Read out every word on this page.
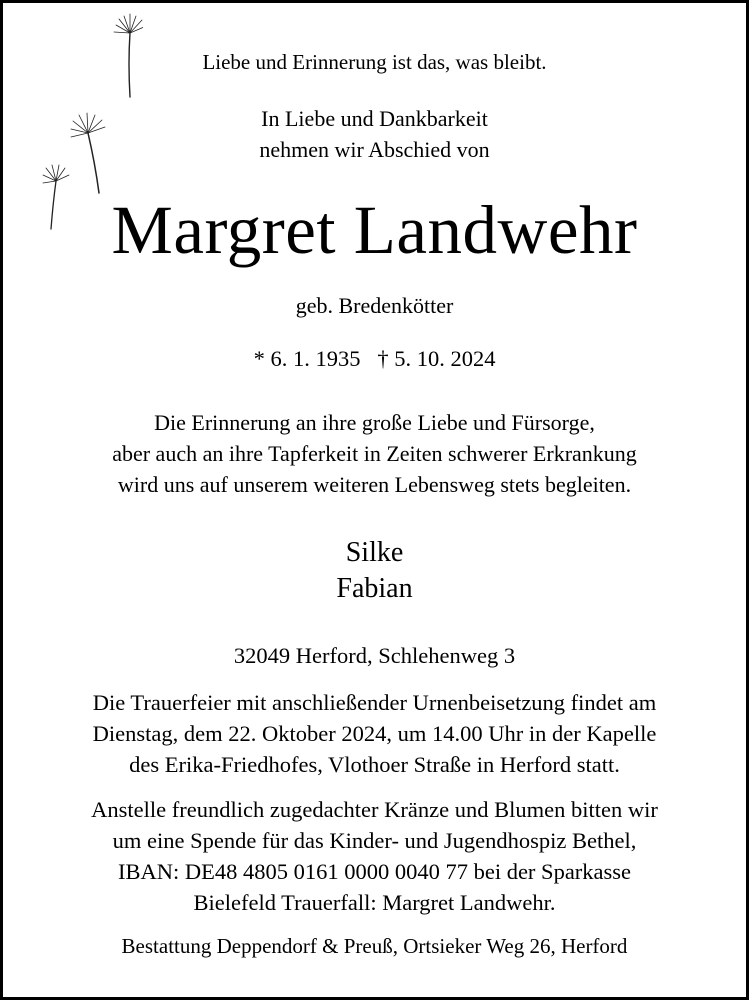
Liebe und Erinnerung ist das, was bleibt.
In Liebe und Dankbarkeit
nehmen wir Abschied von
Margret Landwehr
geb. Bredenkötter
* 6. 1. 1935   † 5. 10. 2024
Die Erinnerung an ihre große Liebe und Fürsorge,
aber auch an ihre Tapferkeit in Zeiten schwerer Erkrankung
wird uns auf unserem weiteren Lebensweg stets begleiten.
Silke
Fabian
32049 Herford, Schlehenweg 3
Die Trauerfeier mit anschließender Urnenbeisetzung findet am
Dienstag, dem 22. Oktober 2024, um 14.00 Uhr in der Kapelle
des Erika-Friedhofes, Vlothoer Straße in Herford statt.
Anstelle freundlich zugedachter Kränze und Blumen bitten wir
um eine Spende für das Kinder- und Jugendhospiz Bethel,
IBAN: DE48 4805 0161 0000 0040 77 bei der Sparkasse
Bielefeld Trauerfall: Margret Landwehr.
Bestattung Deppendorf & Preuß, Ortsieker Weg 26, Herford
